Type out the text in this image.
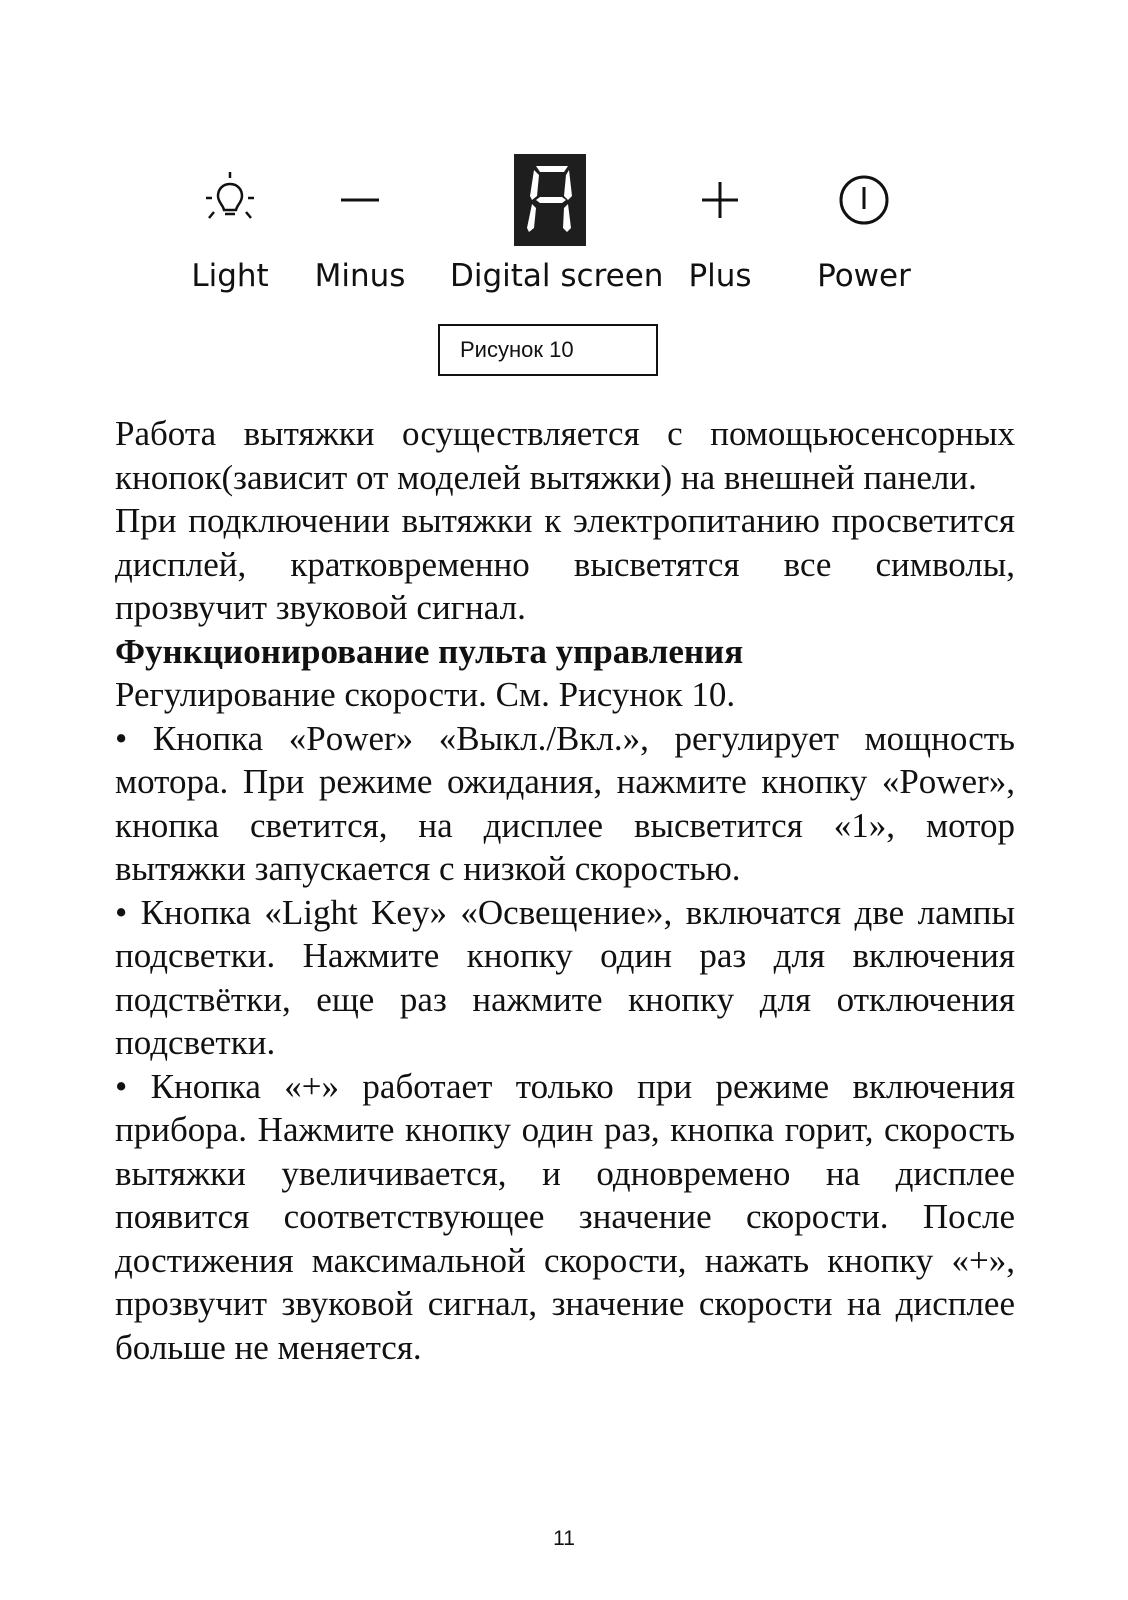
Light	Minus	Digital screen Plus	Power
Рисунок 10

Работа вытяжки осуществляется с помощьюсенсорных кнопок(зависит от моделей вытяжки) на внешней панели.

При подключении вытяжки к электропитанию просветится дисплей, кратковременно высветятся все символы, прозвучит звуковой сигнал.

Функционирование пульта управления

Регулирование скорости. См. Рисунок 10.

• Кнопка «Power» «Выкл./Вкл.», регулирует мощность мотора. При режиме ожидания, нажмите кнопку «Power», кнопка светится, на дисплее высветится «1», мотор вытяжки запускается с низкой скоростью.

• Кнопка «Light Key» «Освещение», включатся две лампы подсветки. Нажмите кнопку один раз для включения подствётки, еще раз нажмите кнопку для отключения подсветки.

• Кнопка «+» работает только при режиме включения прибора. Нажмите кнопку один раз, кнопка горит, скорость вытяжки увеличивается, и одновремено на дисплее появится соответствующее значение скорости. После достижения максимальной скорости, нажать кнопку «+», прозвучит звуковой сигнал, значение скорости на дисплее больше не меняется.

11
